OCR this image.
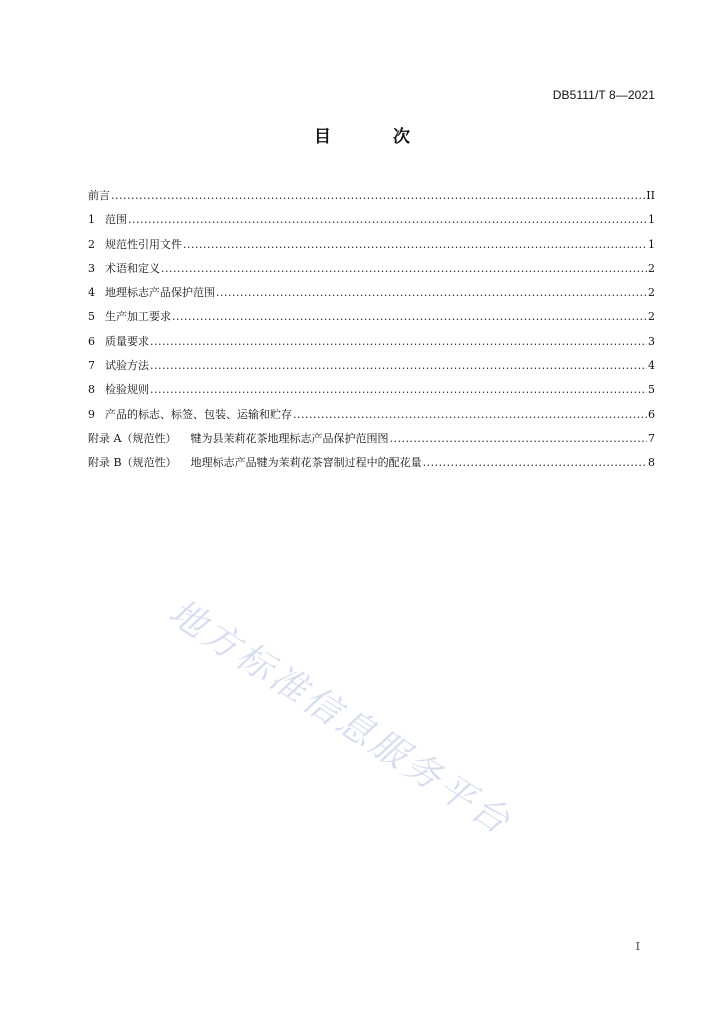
DB5111/T 8—2021
目 次
前言 .....	II
1 范围 .....	1
2 规范性引用文件 .....	1
3 术语和定义 .....	2
4 地理标志产品保护范围 .....	2
5 生产加工要求 .....	2
6 质量要求 .....	3
7 试验方法 .....	4
8 检验规则 .....	5
9 产品的标志、标签、包装、运输和贮存 .....	6
附录 A（规范性）	犍为县茉莉花茶地理标志产品保护范围图 .....	7
附录 B（规范性）	地理标志产品犍为茉莉花茶窨制过程中的配花量 .....	8
地方标准信息服务平台
I
